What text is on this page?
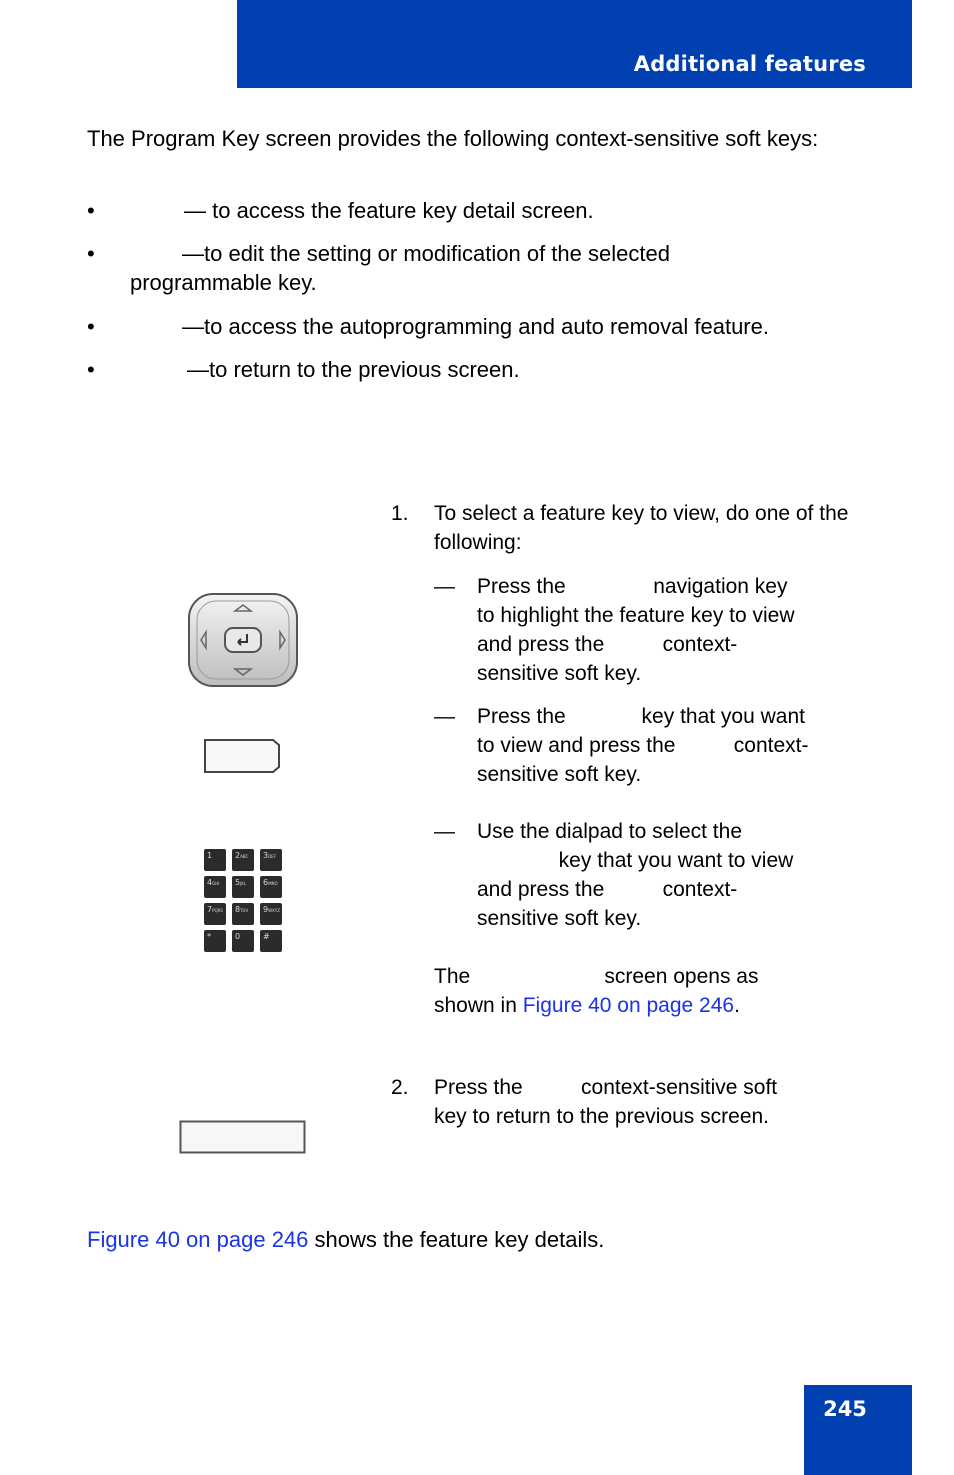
Additional features
The Program Key screen provides the following context-sensitive soft keys:
•	— to access the feature key detail screen.
•	—to edit the setting or modification of the selected
programmable key.
•	—to access the autoprogramming and auto removal feature.
•	—to return to the previous screen.
1. To select a feature key to view, do one of the following:
— Press the               navigation key
to highlight the feature key to view
and press the          context-
sensitive soft key.
— Press the             key that you want
to view and press the          context-
sensitive soft key.
— Use the dialpad to select the
key that you want to view
and press the          context-
sensitive soft key.
The                       screen opens as
shown in Figure 40 on page 246.
2. Press the          context-sensitive soft
key to return to the previous screen.
Figure 40 on page 246 shows the feature key details.
1	2ABC	3DEF
4GHI	5JKL	6MNO
7PQRS	8TUV	9WXYZ
*	0	#
245
